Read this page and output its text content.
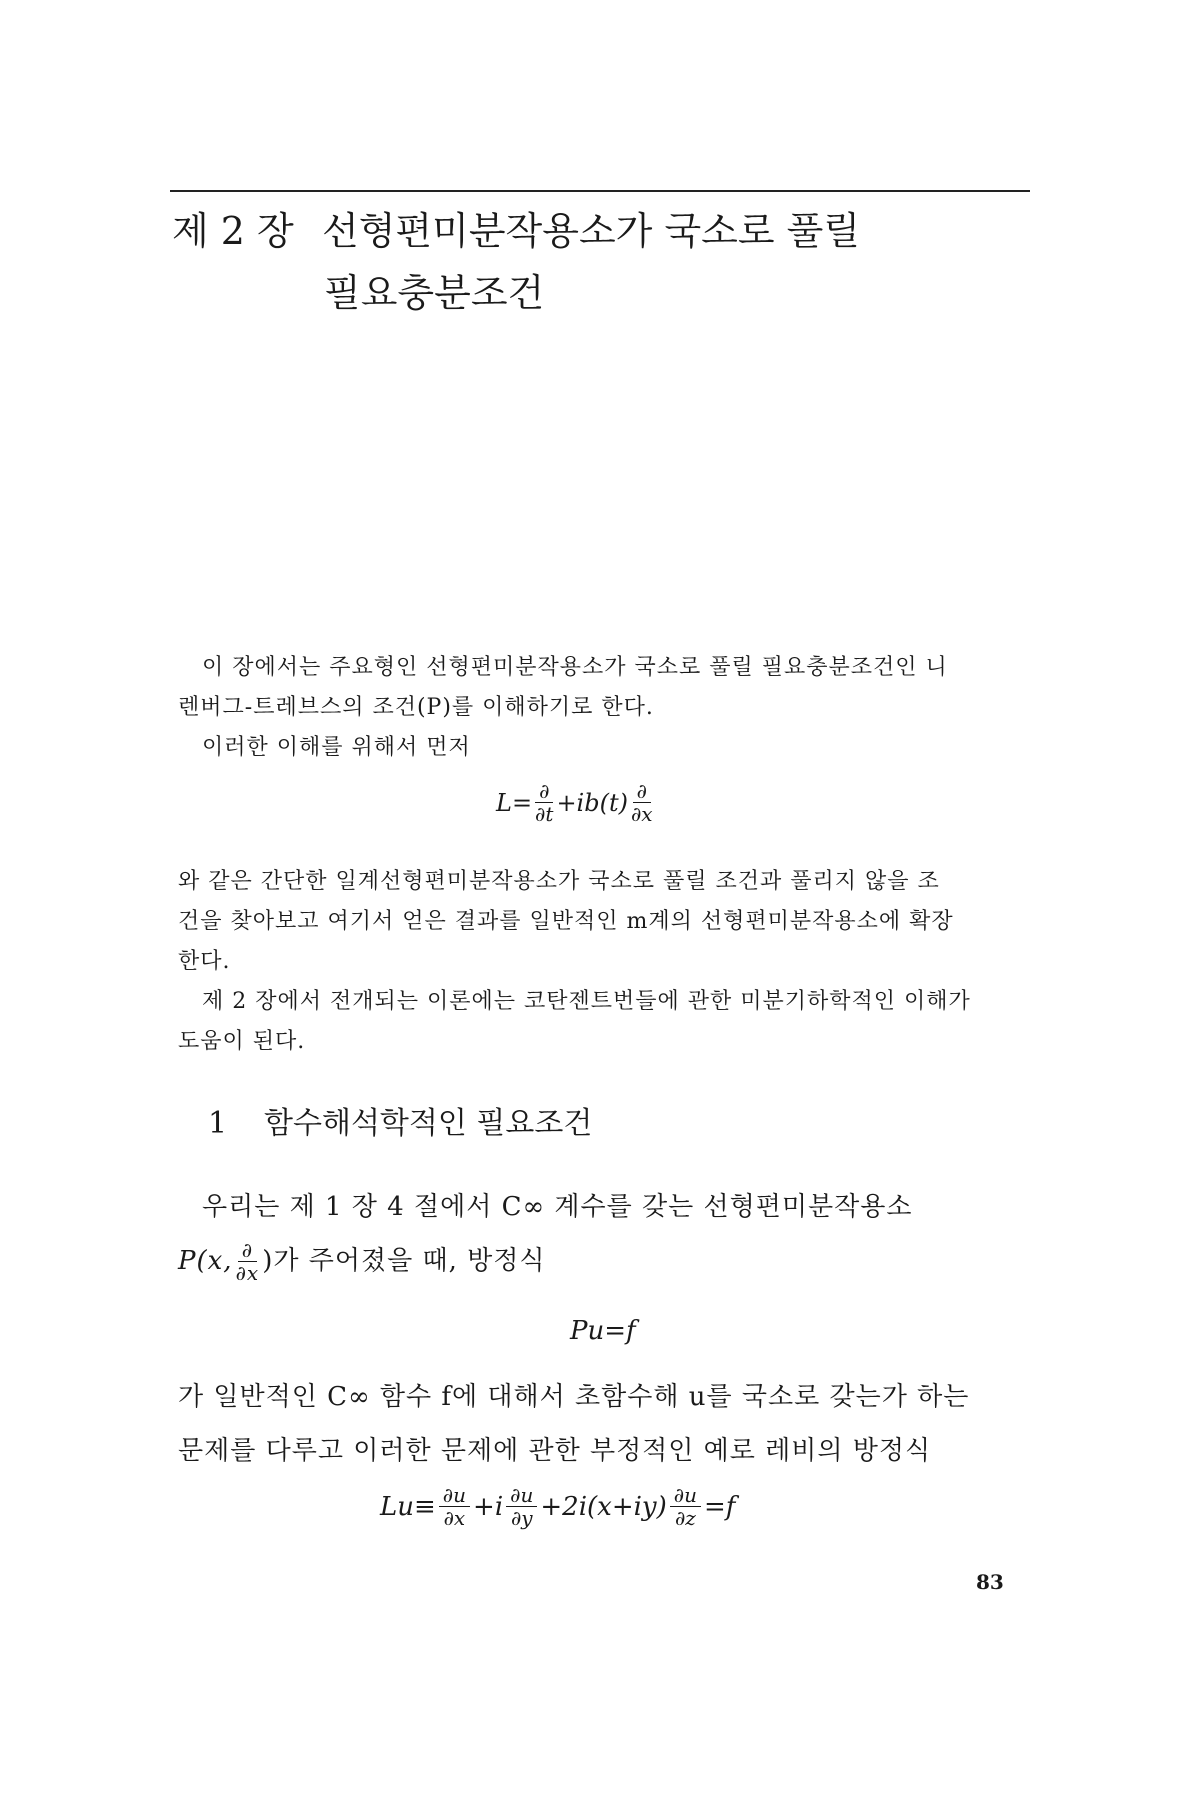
제 2 장 선형편미분작용소가 국소로 풀릴
필요충분조건
이 장에서는 주요형인 선형편미분작용소가 국소로 풀릴 필요충분조건인 니
렌버그-트레브스의 조건(P)를 이해하기로 한다.
이러한 이해를 위해서 먼저
$L= \frac{\partial}{\partial t} +ib(t) \frac{\partial}{\partial x}$
와 같은 간단한 일계선형편미분작용소가 국소로 풀릴 조건과 풀리지 않을 조
건을 찾아보고 여기서 얻은 결과를 일반적인 m계의 선형편미분작용소에 확장
한다.
제 2 장에서 전개되는 이론에는 코탄젠트번들에 관한 미분기하학적인 이해가
도움이 된다.
1 함수해석학적인 필요조건
우리는 제 1 장 4 절에서 C∞ 계수를 갖는 선형편미분작용소
P(x, $\frac{\partial}{\partial x}$ )가 주어졌을 때, 방정식
Pu=f
가 일반적인 C∞ 함수 f에 대해서 초함수해 u를 국소로 갖는가 하는
문제를 다루고 이러한 문제에 관한 부정적인 예로 레비의 방정식
$Lu\equiv \frac{\partial u}{\partial x} +i \frac{\partial u}{\partial y} +2i(x+iy) \frac{\partial u}{\partial z} =f$
83
